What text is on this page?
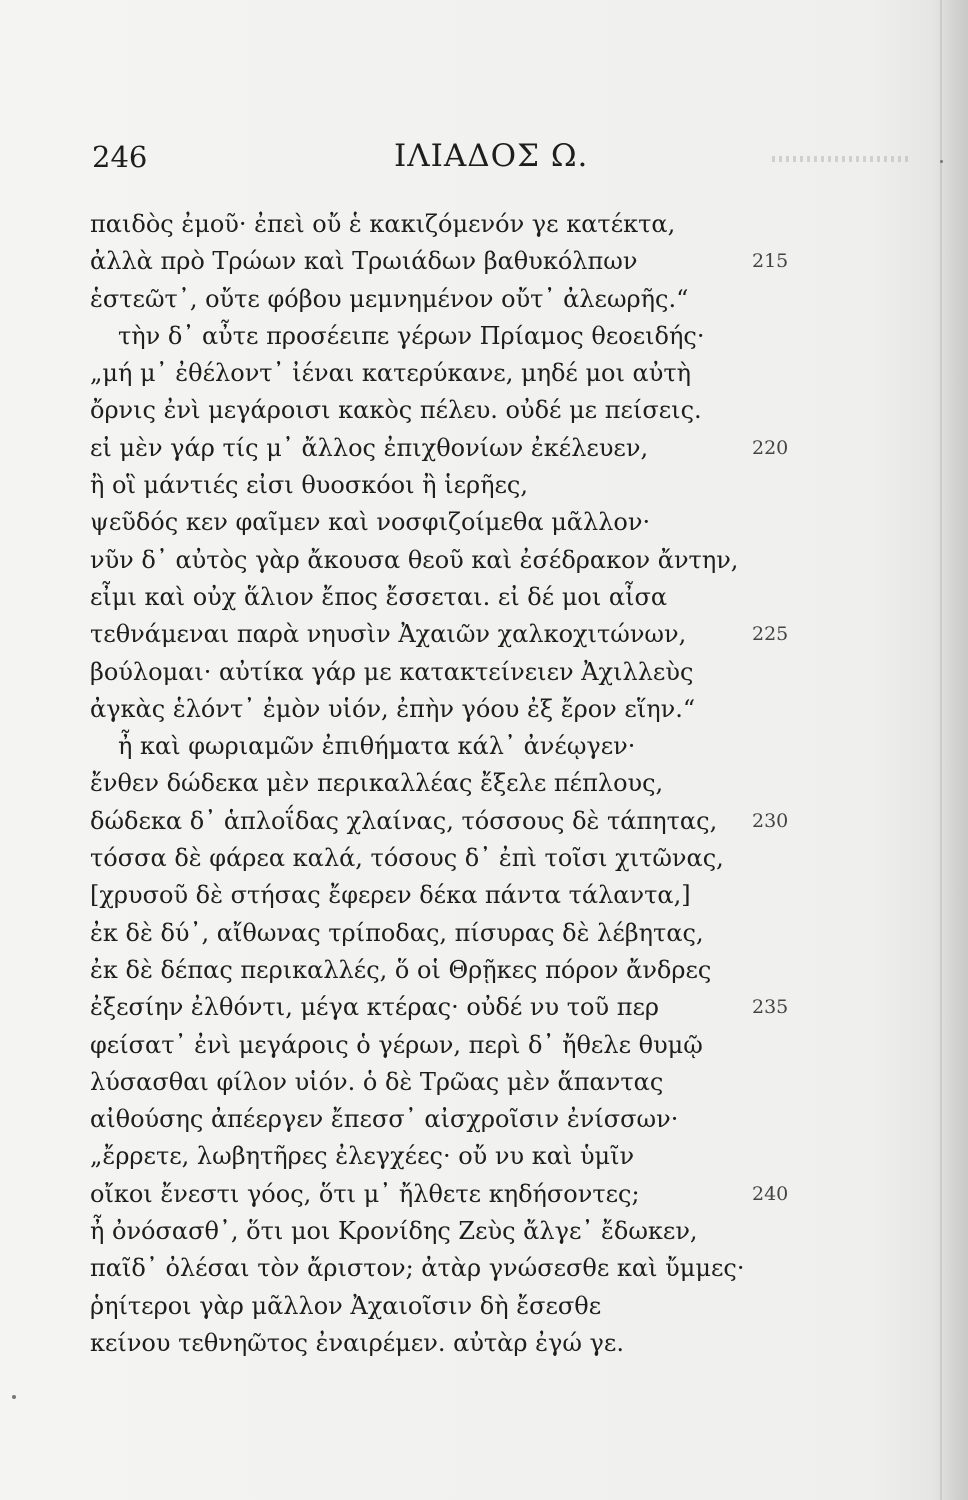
246	ΙΛΙΑΔΟΣ Ω.
παιδὸς ἐμοῦ· ἐπεὶ οὔ ἑ κακιζόμενόν γε κατέκτα,
ἀλλὰ πρὸ Τρώων καὶ Τρωιάδων βαθυκόλπων
ἑστεῶτ᾽, οὔτε φόβου μεμνημένον οὔτ᾽ ἀλεωρῆς.“
τὴν δ᾽ αὖτε προσέειπε γέρων Πρίαμος θεοειδής·
„μή μ᾽ ἐθέλοντ᾽ ἰέναι κατερύκανε, μηδέ μοι αὐτὴ
ὄρνις ἐνὶ μεγάροισι κακὸς πέλευ. οὐδέ με πείσεις.
εἰ μὲν γάρ τίς μ᾽ ἄλλος ἐπιχθονίων ἐκέλευεν,
ἢ οἳ μάντιές εἰσι θυοσκόοι ἢ ἱερῆες,
ψεῦδός κεν φαῖμεν καὶ νοσφιζοίμεθα μᾶλλον·
νῦν δ᾽ αὐτὸς γὰρ ἄκουσα θεοῦ καὶ ἐσέδρακον ἄντην,
εἶμι καὶ οὐχ ἅλιον ἔπος ἔσσεται. εἰ δέ μοι αἶσα
τεθνάμεναι παρὰ νηυσὶν Ἀχαιῶν χαλκοχιτώνων,
βούλομαι· αὐτίκα γάρ με κατακτείνειεν Ἀχιλλεὺς
ἀγκὰς ἑλόντ᾽ ἐμὸν υἱόν, ἐπὴν γόου ἐξ ἔρον εἵην.“
ἦ καὶ φωριαμῶν ἐπιθήματα κάλ᾽ ἀνέῳγεν·
ἔνθεν δώδεκα μὲν περικαλλέας ἔξελε πέπλους,
δώδεκα δ᾽ ἁπλοΐδας χλαίνας, τόσσους δὲ τάπητας,
τόσσα δὲ φάρεα καλά, τόσους δ᾽ ἐπὶ τοῖσι χιτῶνας,
[χρυσοῦ δὲ στήσας ἔφερεν δέκα πάντα τάλαντα,]
ἐκ δὲ δύ᾽, αἴθωνας τρίποδας, πίσυρας δὲ λέβητας,
ἐκ δὲ δέπας περικαλλές, ὅ οἱ Θρῇκες πόρον ἄνδρες
ἐξεσίην ἐλθόντι, μέγα κτέρας· οὐδέ νυ τοῦ περ
φείσατ᾽ ἐνὶ μεγάροις ὁ γέρων, περὶ δ᾽ ἤθελε θυμῷ
λύσασθαι φίλον υἱόν. ὁ δὲ Τρῶας μὲν ἅπαντας
αἰθούσης ἀπέεργεν ἔπεσσ᾽ αἰσχροῖσιν ἐνίσσων·
„ἔρρετε, λωβητῆρες ἐλεγχέες· οὔ νυ καὶ ὑμῖν
οἴκοι ἔνεστι γόος, ὅτι μ᾽ ἤλθετε κηδήσοντες;
ἦ ὀνόσασθ᾽, ὅτι μοι Κρονίδης Ζεὺς ἄλγε᾽ ἔδωκεν,
παῖδ᾽ ὀλέσαι τὸν ἄριστον; ἀτὰρ γνώσεσθε καὶ ὔμμες·
ῥηίτεροι γὰρ μᾶλλον Ἀχαιοῖσιν δὴ ἔσεσθε
κείνου τεθνηῶτος ἐναιρέμεν. αὐτὰρ ἐγώ γε.
215
220
225
230
235
240
